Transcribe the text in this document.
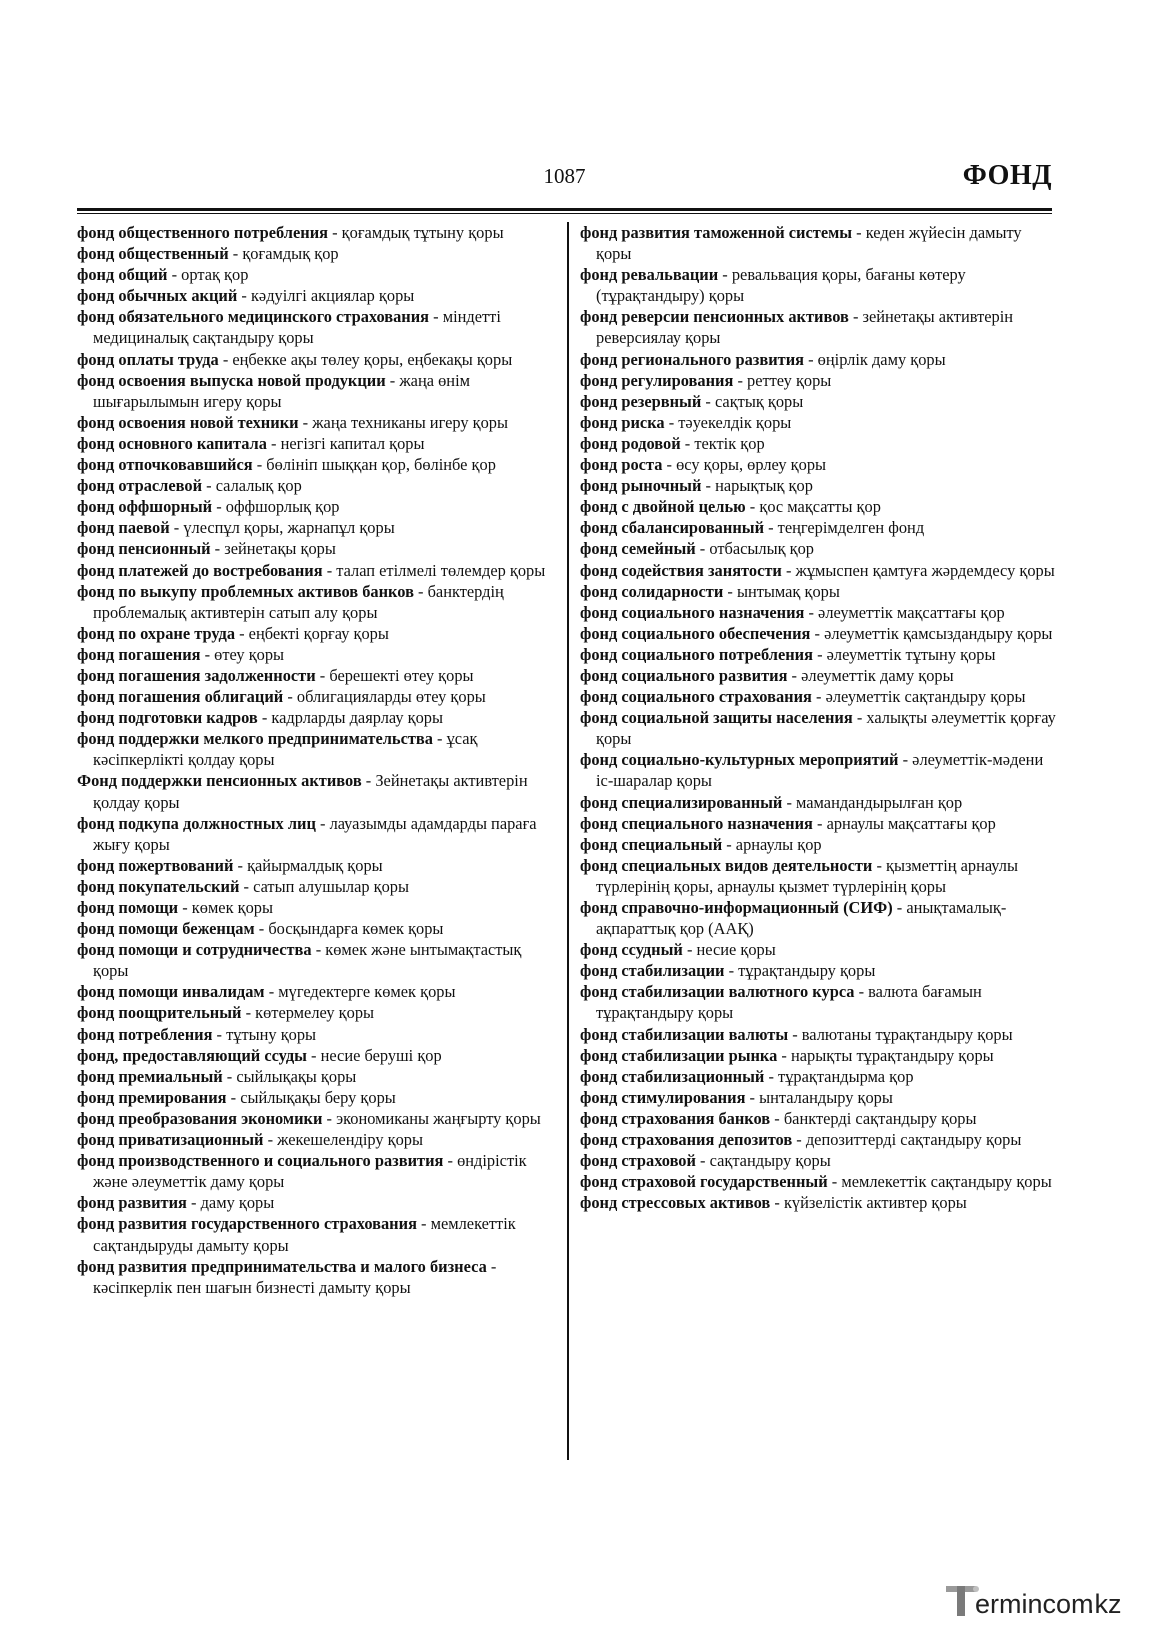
1087	ФОНД

фонд общественного потребления - қоғамдық тұтыну қоры

фонд общественный - қоғамдық қор

фонд общий - ортақ қор

фонд обычных акций - кәдуілгі акциялар қоры

фонд обязательного медицинского страхования - міндетті медициналық сақтандыру қоры

фонд оплаты труда - еңбекке ақы төлеу қоры, еңбекақы қоры

фонд освоения выпуска новой продукции - жаңа өнім шығарылымын игеру қоры

фонд освоения новой техники - жаңа техниканы игеру қоры

фонд основного капитала - негізгі капитал қоры

фонд отпочковавшийся - бөлініп шыққан қор, бөлінбе қор

фонд отраслевой - салалық қор

фонд оффшорный - оффшорлық қор

фонд паевой - үлеспұл қоры, жарнапұл қоры

фонд пенсионный - зейнетақы қоры

фонд платежей до востребования - талап етілмелі төлемдер қоры

фонд по выкупу проблемных активов банков - банктердің проблемалық активтерін сатып алу қоры

фонд по охране труда - еңбекті қорғау қоры

фонд погашения - өтеу қоры

фонд погашения задолженности - берешекті өтеу қоры

фонд погашения облигаций - облигацияларды өтеу қоры

фонд подготовки кадров - кадрларды даярлау қоры

фонд поддержки мелкого предпринимательства - ұсақ кәсіпкерлікті қолдау қоры

Фонд поддержки пенсионных активов - Зейнетақы активтерін қолдау қоры

фонд подкупа должностных лиц - лауазымды адамдарды параға жығу қоры

фонд пожертвований - қайырмалдық қоры

фонд покупательский - сатып алушылар қоры

фонд помощи - көмек қоры

фонд помощи беженцам - босқындарға көмек қоры

фонд помощи и сотрудничества - көмек және ынтымақтастық қоры

фонд помощи инвалидам - мүгедектерге көмек қоры

фонд поощрительный - көтермелеу қоры

фонд потребления - тұтыну қоры

фонд, предоставляющий ссуды - несие беруші қор

фонд премиальный - сыйлықақы қоры

фонд премирования - сыйлықақы беру қоры

фонд преобразования экономики - экономиканы жаңғырту қоры

фонд приватизационный - жекешелендіру қоры

фонд производственного и социального развития - өндірістік және әлеуметтік даму қоры

фонд развития - даму қоры

фонд развития государственного страхования - мемлекеттік сақтандыруды дамыту қоры

фонд развития предпринимательства и малого бизнеса - кәсіпкерлік пен шағын бизнесті дамыту қоры

фонд развития таможенной системы - кеден жүйесін дамыту қоры

фонд ревальвации - ревальвация қоры, бағаны көтеру (тұрақтандыру) қоры

фонд реверсии пенсионных активов - зейнетақы активтерін реверсиялау қоры

фонд регионального развития - өңірлік даму қоры

фонд регулирования - реттеу қоры

фонд резервный - сақтық қоры

фонд риска - тәуекелдік қоры

фонд родовой - тектік қор

фонд роста - өсу қоры, өрлеу қоры

фонд рыночный - нарықтық қор

фонд с двойной целью - қос мақсатты қор

фонд сбалансированный - теңгерімделген фонд

фонд семейный - отбасылық қор

фонд содействия занятости - жұмыспен қамтуға жәрдемдесу қоры

фонд солидарности - ынтымақ қоры

фонд социального назначения - әлеуметтік мақсаттағы қор

фонд социального обеспечения - әлеуметтік қамсыздандыру қоры

фонд социального потребления - әлеуметтік тұтыну қоры

фонд социального развития - әлеуметтік даму қоры

фонд социального страхования - әлеуметтік сақтандыру қоры

фонд социальной защиты населения - халықты әлеуметтік қорғау қоры

фонд социально-культурных мероприятий - әлеуметтік-мәдени іс-шаралар қоры

фонд специализированный - мамандандырылған қор

фонд специального назначения - арнаулы мақсаттағы қор

фонд специальный - арнаулы қор

фонд специальных видов деятельности - қызметтің арнаулы түрлерінің қоры, арнаулы қызмет түрлерінің қоры

фонд справочно-информационный (СИФ) - анықтамалық-ақпараттық қор (ААҚ)

фонд ссудный - несие қоры

фонд стабилизации - тұрақтандыру қоры

фонд стабилизации валютного курса - валюта бағамын тұрақтандыру қоры

фонд стабилизации валюты - валютаны тұрақтандыру қоры

фонд стабилизации рынка - нарықты тұрақтандыру қоры

фонд стабилизационный - тұрақтандырма қор

фонд стимулирования - ынталандыру қоры

фонд страхования банков - банктерді сақтандыру қоры

фонд страхования депозитов - депозиттерді сақтандыру қоры

фонд страховой - сақтандыру қоры

фонд страховой государственный - мемлекеттік сақтандыру қоры

фонд стрессовых активов - күйзелістік активтер қоры

ermincom
.kz
